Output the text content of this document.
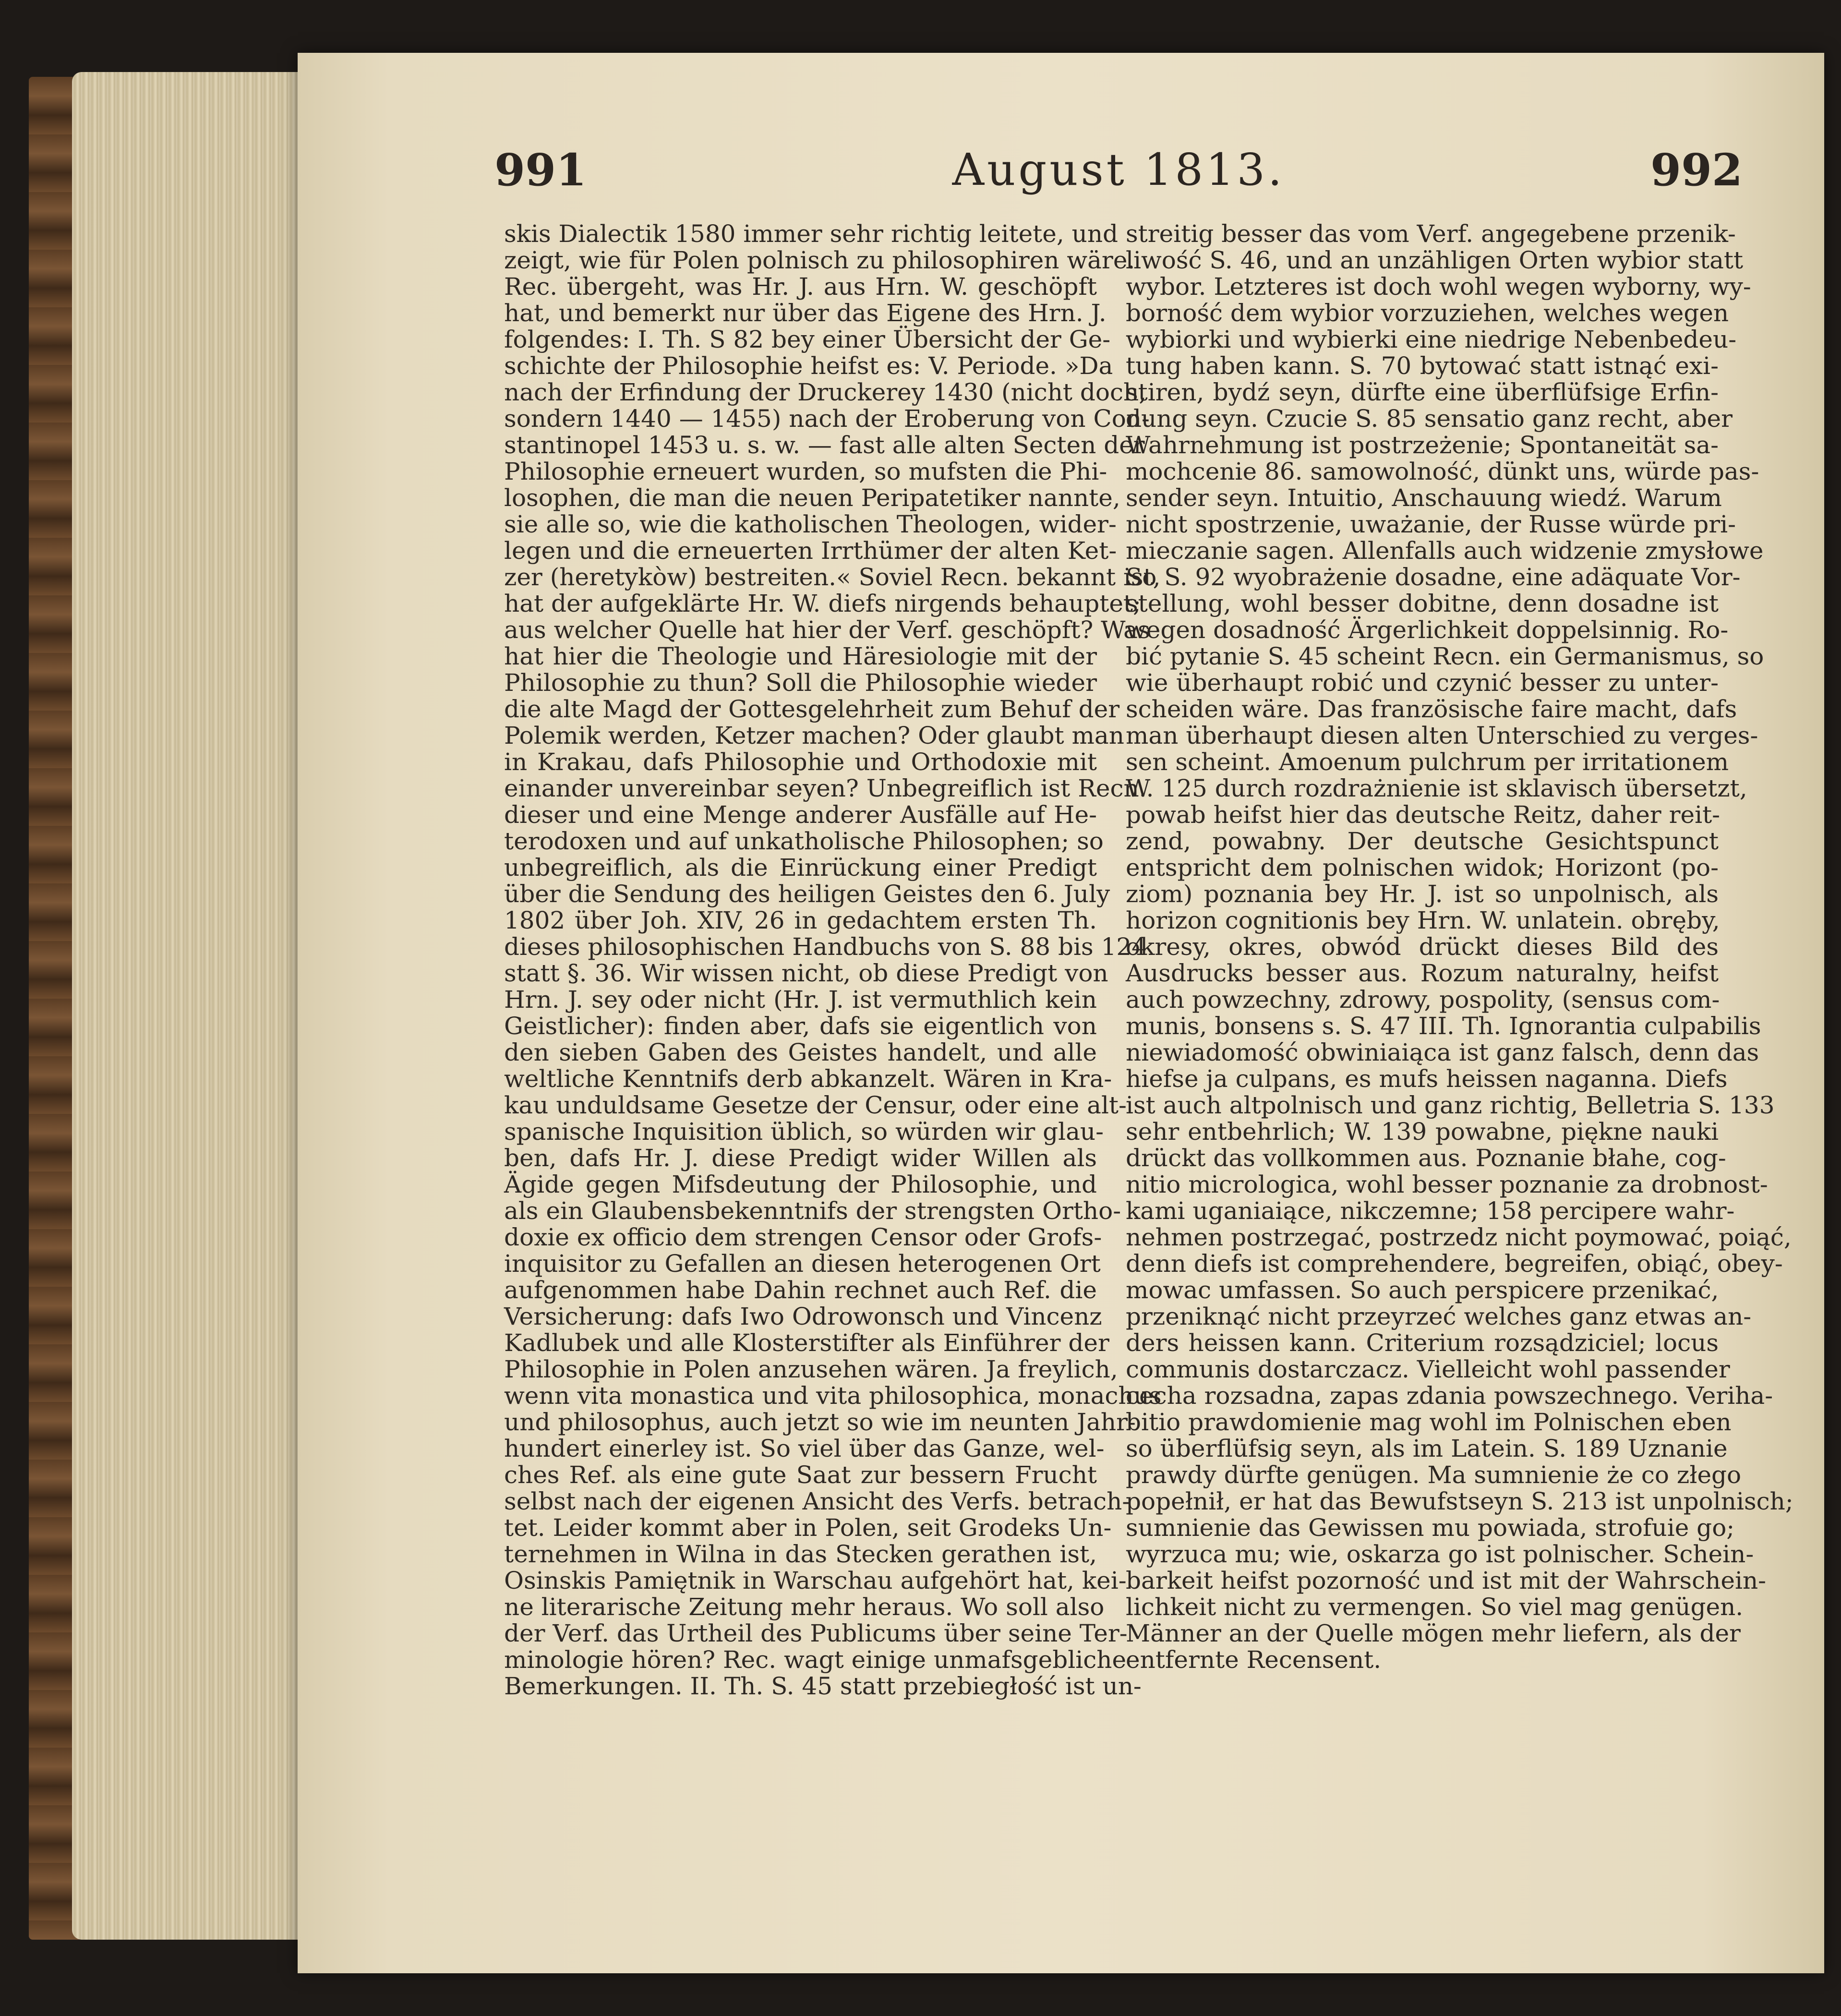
991	August 1813.	992
skis Dialectik 1580 immer sehr richtig leitete, und
zeigt, wie für Polen polnisch zu philosophiren wäre.
Rec. übergeht, was Hr. J. aus Hrn. W. geschöpft
hat, und bemerkt nur über das Eigene des Hrn. J.
folgendes: I. Th. S 82 bey einer Übersicht der Ge-
schichte der Philosophie heifst es: V. Periode. »Da
nach der Erfindung der Druckerey 1430 (nicht doch,
sondern 1440 — 1455) nach der Eroberung von Con-
stantinopel 1453 u. s. w. — fast alle alten Secten der
Philosophie erneuert wurden, so mufsten die Phi-
losophen, die man die neuen Peripatetiker nannte,
sie alle so, wie die katholischen Theologen, wider-
legen und die erneuerten Irrthümer der alten Ket-
zer (heretykòw) bestreiten.« Soviel Recn. bekannt ist,
hat der aufgeklärte Hr. W. diefs nirgends behauptet;
aus welcher Quelle hat hier der Verf. geschöpft? Was
hat hier die Theologie und Häresiologie mit der
Philosophie zu thun? Soll die Philosophie wieder
die alte Magd der Gottesgelehrheit zum Behuf der
Polemik werden, Ketzer machen? Oder glaubt man
in Krakau, dafs Philosophie und Orthodoxie mit
einander unvereinbar seyen? Unbegreiflich ist Recn.
dieser und eine Menge anderer Ausfälle auf He-
terodoxen und auf unkatholische Philosophen; so
unbegreiflich, als die Einrückung einer Predigt
über die Sendung des heiligen Geistes den 6. July
1802 über Joh. XIV, 26 in gedachtem ersten Th.
dieses philosophischen Handbuchs von S. 88 bis 124
statt §. 36. Wir wissen nicht, ob diese Predigt von
Hrn. J. sey oder nicht (Hr. J. ist vermuthlich kein
Geistlicher): finden aber, dafs sie eigentlich von
den sieben Gaben des Geistes handelt, und alle
weltliche Kenntnifs derb abkanzelt. Wären in Kra-
kau unduldsame Gesetze der Censur, oder eine alt-
spanische Inquisition üblich, so würden wir glau-
ben, dafs Hr. J. diese Predigt wider Willen als
Ägide gegen Mifsdeutung der Philosophie, und
als ein Glaubensbekenntnifs der strengsten Ortho-
doxie ex officio dem strengen Censor oder Grofs-
inquisitor zu Gefallen an diesen heterogenen Ort
aufgenommen habe Dahin rechnet auch Ref. die
Versicherung: dafs Iwo Odrowonsch und Vincenz
Kadlubek und alle Klosterstifter als Einführer der
Philosophie in Polen anzusehen wären. Ja freylich,
wenn vita monastica und vita philosophica, monachus
und philosophus, auch jetzt so wie im neunten Jahr-
hundert einerley ist. So viel über das Ganze, wel-
ches Ref. als eine gute Saat zur bessern Frucht
selbst nach der eigenen Ansicht des Verfs. betrach-
tet. Leider kommt aber in Polen, seit Grodeks Un-
ternehmen in Wilna in das Stecken gerathen ist,
Osinskis Pamiętnik in Warschau aufgehört hat, kei-
ne literarische Zeitung mehr heraus. Wo soll also
der Verf. das Urtheil des Publicums über seine Ter-
minologie hören? Rec. wagt einige unmafsgebliche
Bemerkungen. II. Th. S. 45 statt przebiegłość ist un-
streitig besser das vom Verf. angegebene przenik-
liwość S. 46, und an unzähligen Orten wybior statt
wybor. Letzteres ist doch wohl wegen wyborny, wy-
borność dem wybior vorzuziehen, welches wegen
wybiorki und wybierki eine niedrige Nebenbedeu-
tung haben kann. S. 70 bytować statt istnąć exi-
stiren, bydź seyn, dürfte eine überflüfsige Erfin-
dung seyn. Czucie S. 85 sensatio ganz recht, aber
Wahrnehmung ist postrzeżenie; Spontaneität sa-
mochcenie 86. samowolność, dünkt uns, würde pas-
sender seyn. Intuitio, Anschauung wiedź. Warum
nicht spostrzenie, uważanie, der Russe würde pri-
mieczanie sagen. Allenfalls auch widzenie zmysłowe
So S. 92 wyobrażenie dosadne, eine adäquate Vor-
stellung, wohl besser dobitne, denn dosadne ist
wegen dosadność Ärgerlichkeit doppelsinnig. Ro-
bić pytanie S. 45 scheint Recn. ein Germanismus, so
wie überhaupt robić und czynić besser zu unter-
scheiden wäre. Das französische faire macht, dafs
man überhaupt diesen alten Unterschied zu verges-
sen scheint. Amoenum pulchrum per irritationem
W. 125 durch rozdrażnienie ist sklavisch übersetzt,
powab heifst hier das deutsche Reitz, daher reit-
zend, powabny. Der deutsche Gesichtspunct
entspricht dem polnischen widok; Horizont (po-
ziom) poznania bey Hr. J. ist so unpolnisch, als
horizon cognitionis bey Hrn. W. unlatein. obręby,
okresy, okres, obwód drückt dieses Bild des
Ausdrucks besser aus. Rozum naturalny, heifst
auch powzechny, zdrowy, pospolity, (sensus com-
munis, bonsens s. S. 47 III. Th. Ignorantia culpabilis
niewiadomość obwiniaiąca ist ganz falsch, denn das
hiefse ja culpans, es mufs heissen naganna. Diefs
ist auch altpolnisch und ganz richtig, Belletria S. 133
sehr entbehrlich; W. 139 powabne, piękne nauki
drückt das vollkommen aus. Poznanie błahe, cog-
nitio micrologica, wohl besser poznanie za drobnost-
kami uganiaiące, nikczemne; 158 percipere wahr-
nehmen postrzegać, postrzedz nicht poymować, poiąć,
denn diefs ist comprehendere, begreifen, obiąć, obey-
mowac umfassen. So auch perspicere przenikać,
przeniknąć nicht przeyrzeć welches ganz etwas an-
ders heissen kann. Criterium rozsądziciel; locus
communis dostarczacz. Vielleicht wohl passender
cecha rozsadna, zapas zdania powszechnego. Veriha-
bitio prawdomienie mag wohl im Polnischen eben
so überflüfsig seyn, als im Latein. S. 189 Uznanie
prawdy dürfte genügen. Ma sumnienie że co złego
popełnił, er hat das Bewufstseyn S. 213 ist unpolnisch;
sumnienie das Gewissen mu powiada, strofuie go;
wyrzuca mu; wie, oskarza go ist polnischer. Schein-
barkeit heifst pozorność und ist mit der Wahrschein-
lichkeit nicht zu vermengen. So viel mag genügen.
Männer an der Quelle mögen mehr liefern, als der
entfernte Recensent.
